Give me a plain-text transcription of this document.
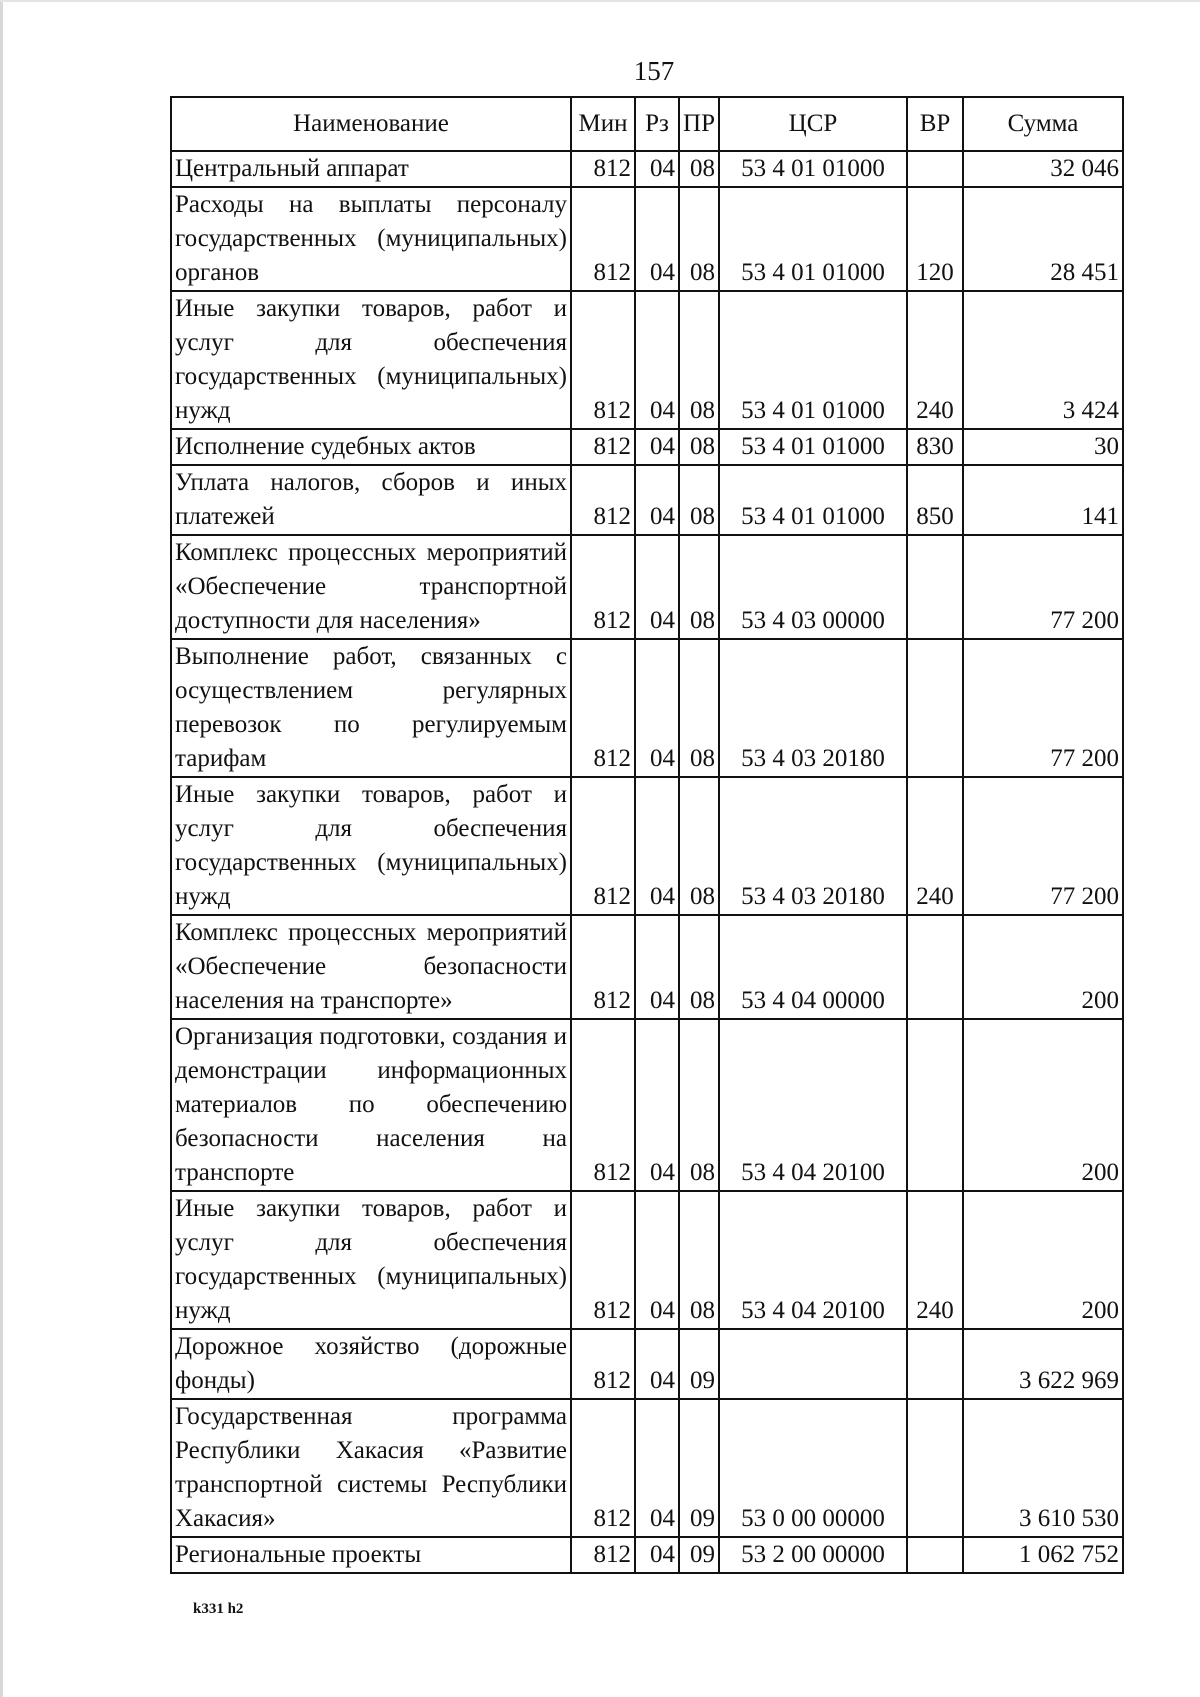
157
Наименование	Мин	Рз	ПР	ЦСР	ВР	Сумма
Центральный аппарат	812	04	08	53 4 01 01000		32 046
Расходы на выплаты персоналу государственных (муниципальных) органов	812	04	08	53 4 01 01000	120	28 451
Иные закупки товаров, работ и услуг для обеспечения государственных (муниципальных) нужд	812	04	08	53 4 01 01000	240	3 424
Исполнение судебных актов	812	04	08	53 4 01 01000	830	30
Уплата налогов, сборов и иных платежей	812	04	08	53 4 01 01000	850	141
Комплекс процессных мероприятий «Обеспечение транспортной доступности для населения»	812	04	08	53 4 03 00000		77 200
Выполнение работ, связанных с осуществлением регулярных перевозок по регулируемым тарифам	812	04	08	53 4 03 20180		77 200
Иные закупки товаров, работ и услуг для обеспечения государственных (муниципальных) нужд	812	04	08	53 4 03 20180	240	77 200
Комплекс процессных мероприятий «Обеспечение безопасности населения на транспорте»	812	04	08	53 4 04 00000		200
Организация подготовки, создания и демонстрации информационных материалов по обеспечению безопасности населения на транспорте	812	04	08	53 4 04 20100		200
Иные закупки товаров, работ и услуг для обеспечения государственных (муниципальных) нужд	812	04	08	53 4 04 20100	240	200
Дорожное хозяйство (дорожные фонды)	812	04	09			3 622 969
Государственная программа Республики Хакасия «Развитие транспортной системы Республики Хакасия»	812	04	09	53 0 00 00000		3 610 530
Региональные проекты	812	04	09	53 2 00 00000		1 062 752
k331 h2
